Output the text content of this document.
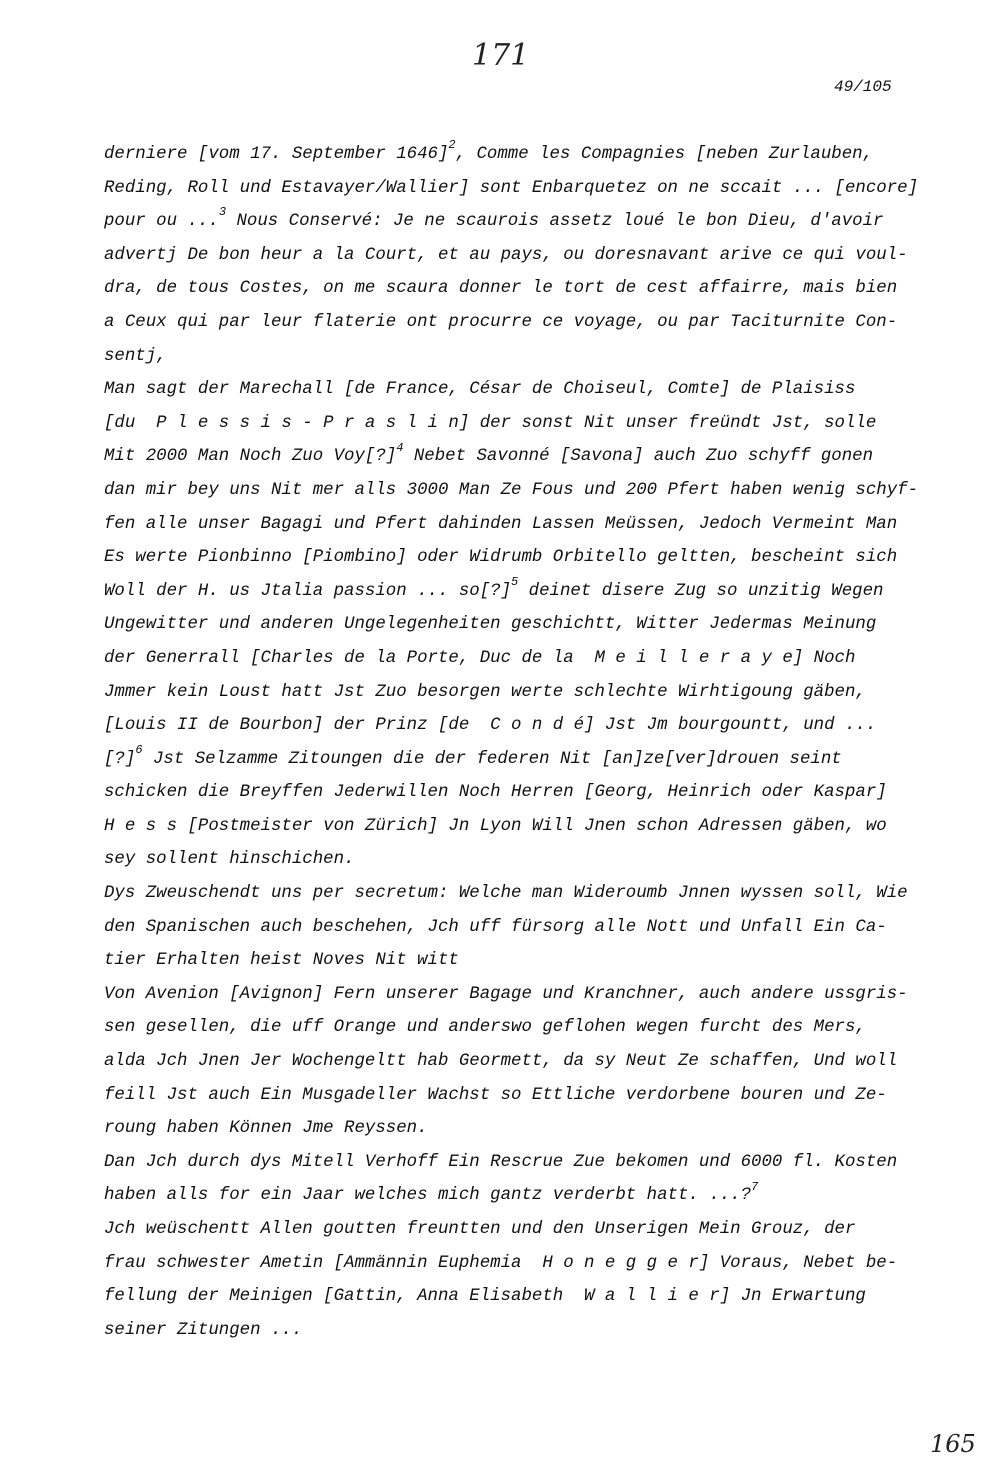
171
49/105
derniere [vom 17. September 1646]$^2$, Comme les Compagnies [neben Zurlauben,
Reding, Roll und Estavayer/Wallier] sont Enbarquetez on ne sccait ... [encore]
pour ou ...$^3$ Nous Conservé: Je ne scaurois assetz loué le bon Dieu, d'avoir
advertj De bon heur a la Court, et au pays, ou doresnavant arive ce qui voul-
dra, de tous Costes, on me scaura donner le tort de cest affairre, mais bien
a Ceux qui par leur flaterie ont procurre ce voyage, ou par Taciturnite Con-
sentj,
Man sagt der Marechall [de France, César de Choiseul, Comte] de Plaisiss
[du  P l e s s i s - P r a s l i n] der sonst Nit unser freündt Jst, solle
Mit 2000 Man Noch Zuo Voy[?]$^4$ Nebet Savonné [Savona] auch Zuo schyff gonen
dan mir bey uns Nit mer alls 3000 Man Ze Fous und 200 Pfert haben wenig schyf-
fen alle unser Bagagi und Pfert dahinden Lassen Meüssen, Jedoch Vermeint Man
Es werte Pionbinno [Piombino] oder Widrumb Orbitello geltten, bescheint sich
Woll der H. us Jtalia passion ... so[?]$^5$ deinet disere Zug so unzitig Wegen
Ungewitter und anderen Ungelegenheiten geschichtt, Witter Jedermas Meinung
der Generrall [Charles de la Porte, Duc de la  M e i l l e r a y e] Noch
Jmmer kein Loust hatt Jst Zuo besorgen werte schlechte Wirhtigoung gäben,
[Louis II de Bourbon] der Prinz [de  C o n d é] Jst Jm bourgountt, und ...
[?]$^6$ Jst Selzamme Zitoungen die der federen Nit [an]ze[ver]drouen seint
schicken die Breyffen Jederwillen Noch Herren [Georg, Heinrich oder Kaspar]
H e s s [Postmeister von Zürich] Jn Lyon Will Jnen schon Adressen gäben, wo
sey sollent hinschichen.
Dys Zweuschendt uns per secretum: Welche man Wideroumb Jnnen wyssen soll, Wie
den Spanischen auch beschehen, Jch uff fürsorg alle Nott und Unfall Ein Ca-
tier Erhalten heist Noves Nit witt
Von Avenion [Avignon] Fern unserer Bagage und Kranchner, auch andere ussgris-
sen gesellen, die uff Orange und anderswo geflohen wegen furcht des Mers,
alda Jch Jnen Jer Wochengeltt hab Geormett, da sy Neut Ze schaffen, Und woll
feill Jst auch Ein Musgadeller Wachst so Ettliche verdorbene bouren und Ze-
roung haben Können Jme Reyssen.
Dan Jch durch dys Mitell Verhoff Ein Rescrue Zue bekomen und 6000 fl. Kosten
haben alls for ein Jaar welches mich gantz verderbt hatt. ...?$^7$
Jch weüschentt Allen goutten freuntten und den Unserigen Mein Grouz, der
frau schwester Ametin [Ammännin Euphemia  H o n e g g e r] Voraus, Nebet be-
fellung der Meinigen [Gattin, Anna Elisabeth  W a l l i e r] Jn Erwartung
seiner Zitungen ...
165
